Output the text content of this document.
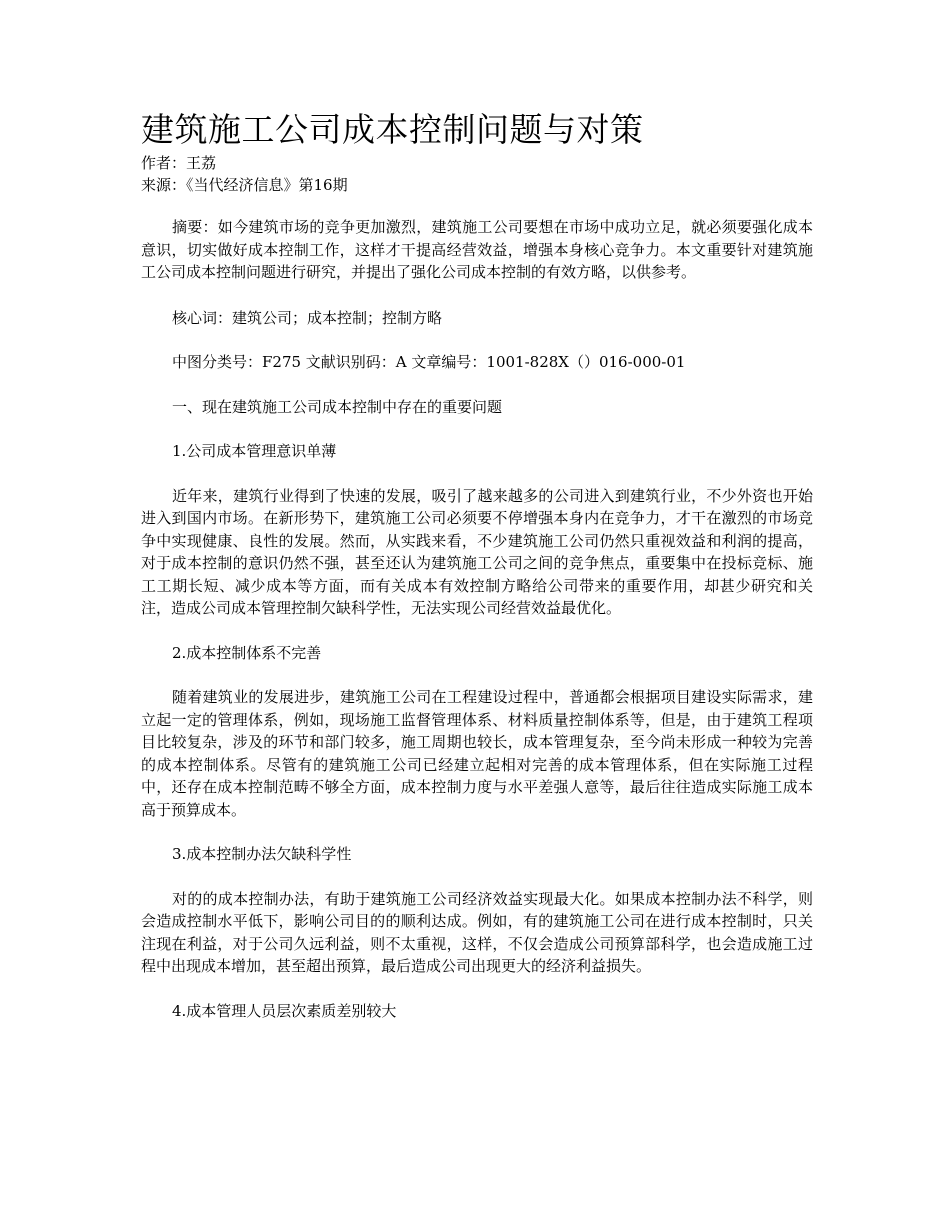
建筑施工公司成本控制问题与对策

作者：王荔

来源：《当代经济信息》第16期

摘要：如今建筑市场的竞争更加激烈，建筑施工公司要想在市场中成功立足，就必须要强化成本意识，切实做好成本控制工作，这样才干提高经营效益，增强本身核心竞争力。本文重要针对建筑施工公司成本控制问题进行研究，并提出了强化公司成本控制的有效方略，以供参考。

核心词：建筑公司；成本控制；控制方略

中图分类号：F275 文献识别码：A 文章编号：1001-828X（）016-000-01

一、现在建筑施工公司成本控制中存在的重要问题

1.公司成本管理意识单薄

近年来，建筑行业得到了快速的发展，吸引了越来越多的公司进入到建筑行业，不少外资也开始进入到国内市场。在新形势下，建筑施工公司必须要不停增强本身内在竞争力，才干在激烈的市场竞争中实现健康、良性的发展。然而，从实践来看，不少建筑施工公司仍然只重视效益和利润的提高，对于成本控制的意识仍然不强，甚至还认为建筑施工公司之间的竞争焦点，重要集中在投标竞标、施工工期长短、减少成本等方面，而有关成本有效控制方略给公司带来的重要作用，却甚少研究和关注，造成公司成本管理控制欠缺科学性，无法实现公司经营效益最优化。

2.成本控制体系不完善

随着建筑业的发展进步，建筑施工公司在工程建设过程中，普通都会根据项目建设实际需求，建立起一定的管理体系，例如，现场施工监督管理体系、材料质量控制体系等，但是，由于建筑工程项目比较复杂，涉及的环节和部门较多，施工周期也较长，成本管理复杂，至今尚未形成一种较为完善的成本控制体系。尽管有的建筑施工公司已经建立起相对完善的成本管理体系，但在实际施工过程中，还存在成本控制范畴不够全方面，成本控制力度与水平差强人意等，最后往往造成实际施工成本高于预算成本。

3.成本控制办法欠缺科学性

对的的成本控制办法，有助于建筑施工公司经济效益实现最大化。如果成本控制办法不科学，则会造成控制水平低下，影响公司目的的顺利达成。例如，有的建筑施工公司在进行成本控制时，只关注现在利益，对于公司久远利益，则不太重视，这样，不仅会造成公司预算部科学，也会造成施工过程中出现成本增加，甚至超出预算，最后造成公司出现更大的经济利益损失。

4.成本管理人员层次素质差别较大
